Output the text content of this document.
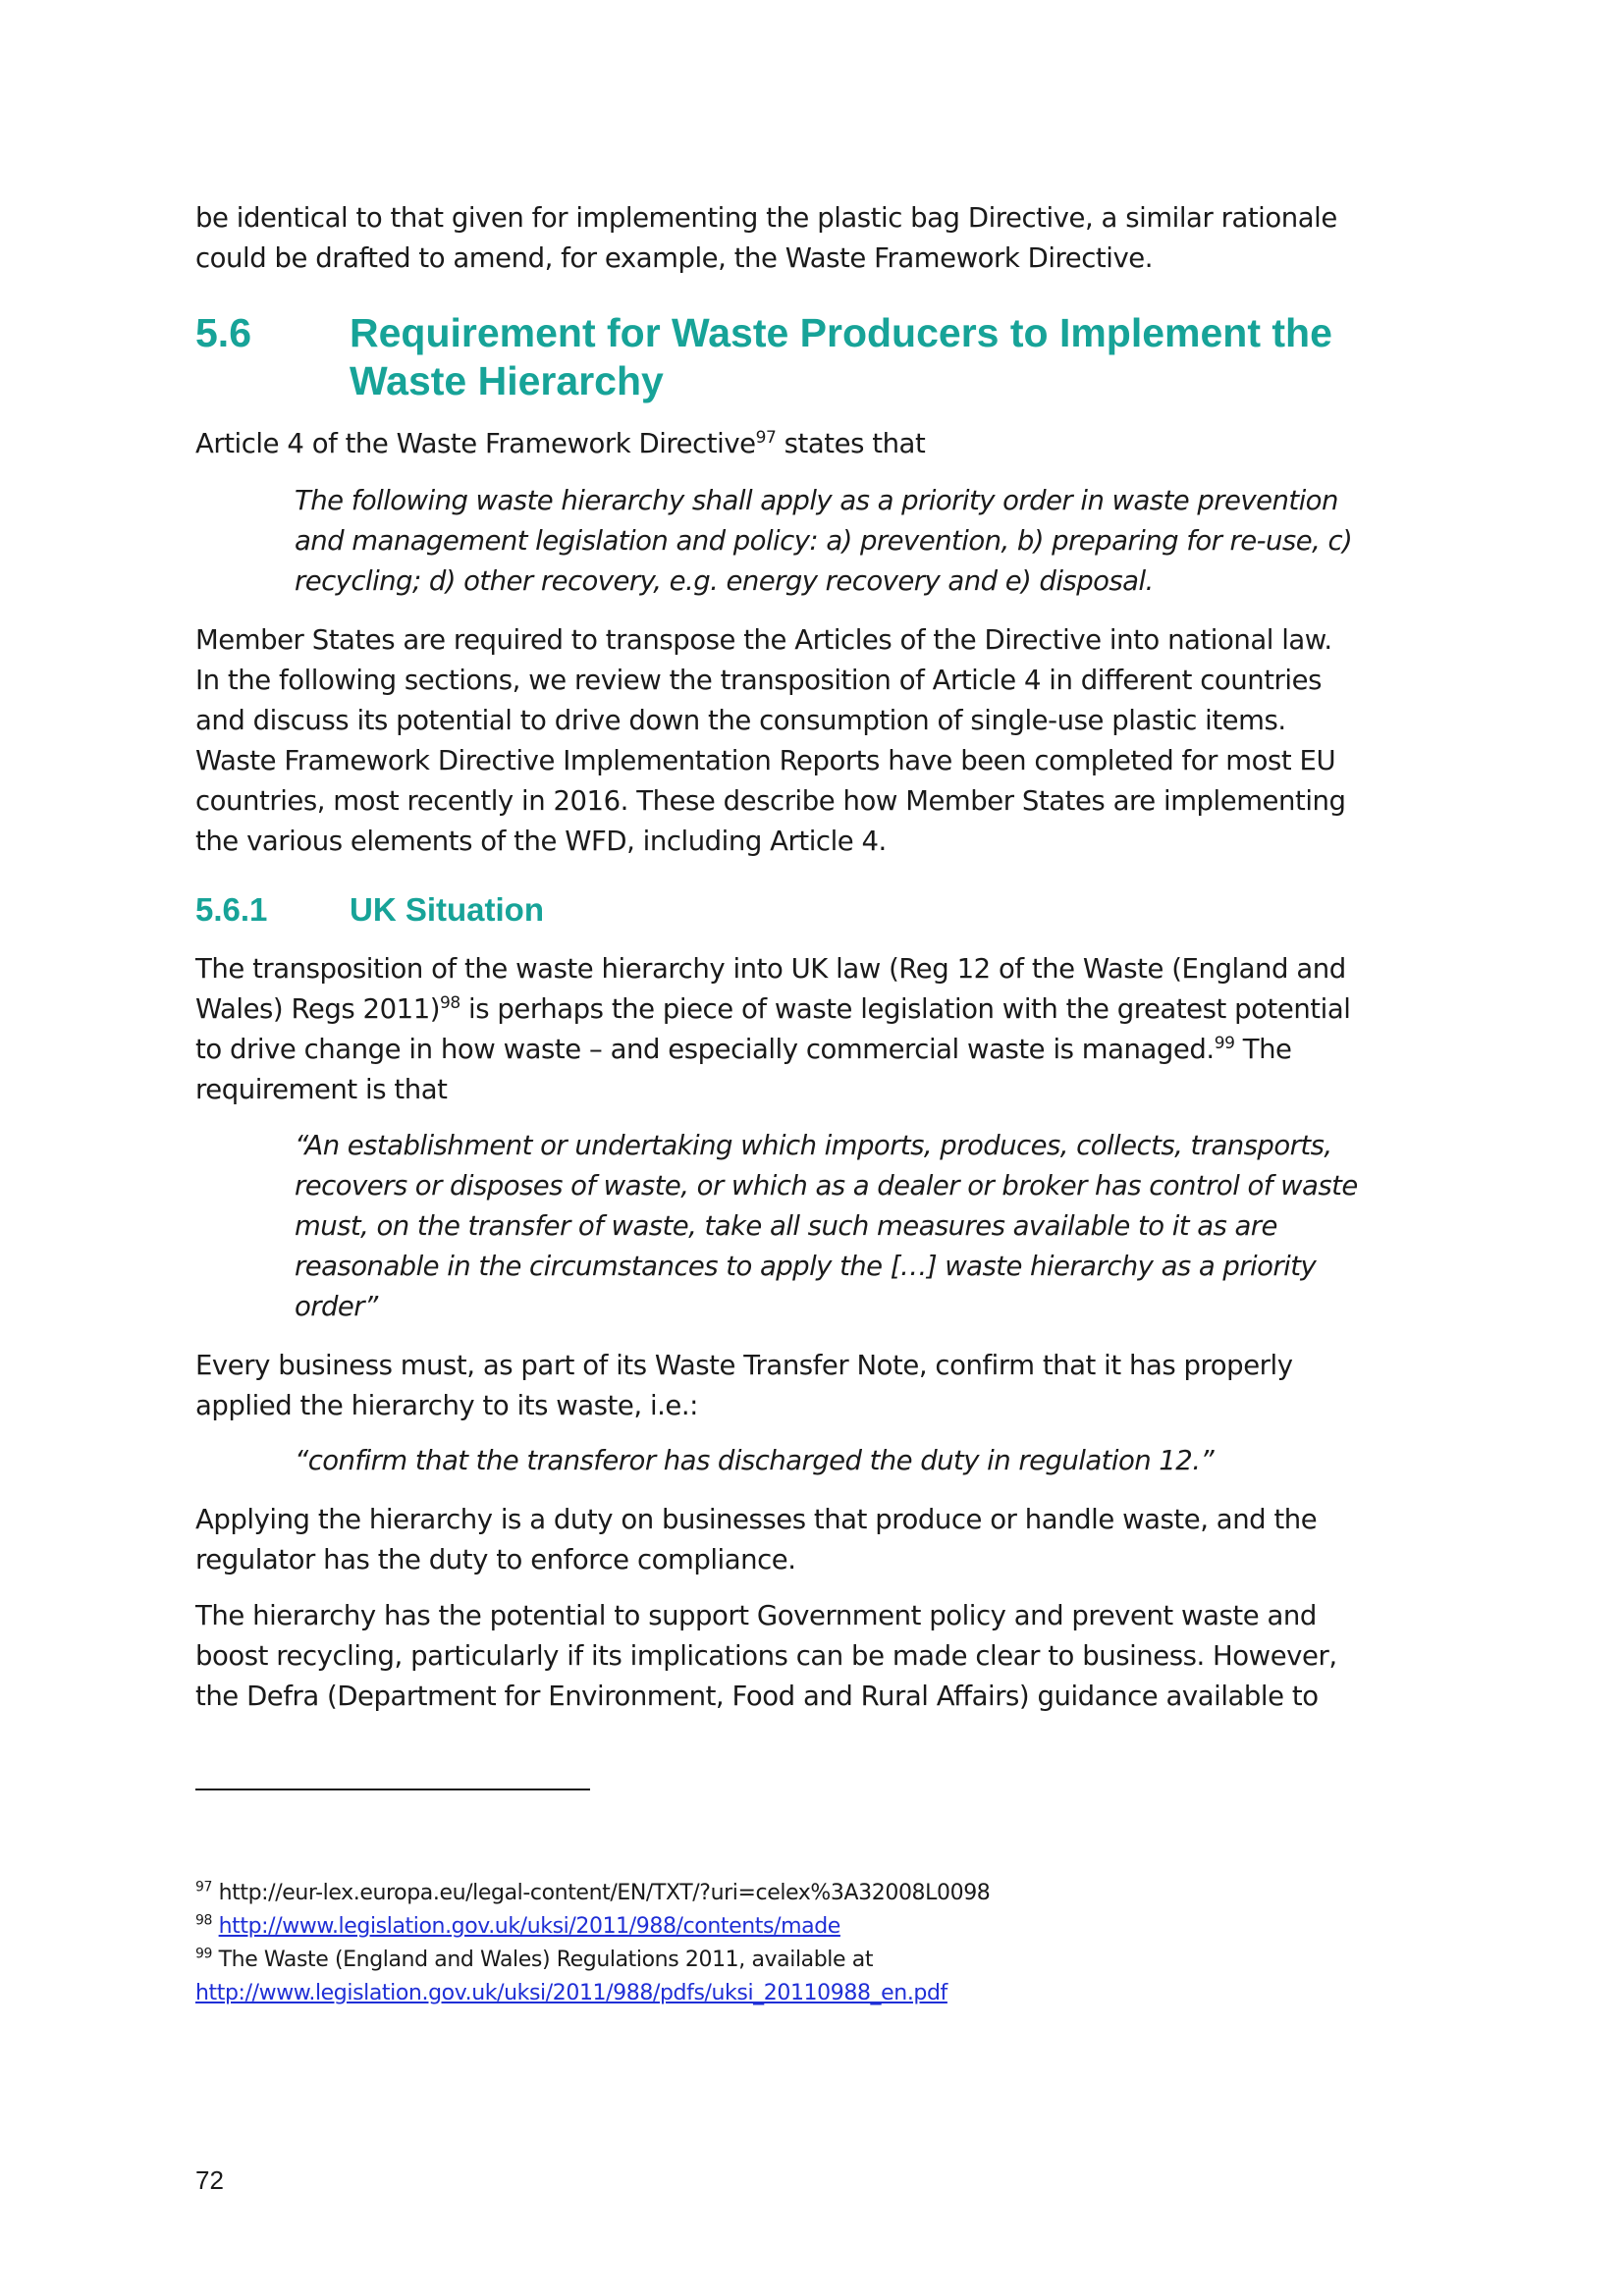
be identical to that given for implementing the plastic bag Directive, a similar rationale
could be drafted to amend, for example, the Waste Framework Directive.

5.6 Requirement for Waste Producers to Implement the
Waste Hierarchy

Article 4 of the Waste Framework Directive$^{97}$ states that

The following waste hierarchy shall apply as a priority order in waste prevention
and management legislation and policy: a) prevention, b) preparing for re-use, c)
recycling; d) other recovery, e.g. energy recovery and e) disposal.

Member States are required to transpose the Articles of the Directive into national law.
In the following sections, we review the transposition of Article 4 in different countries
and discuss its potential to drive down the consumption of single-use plastic items.
Waste Framework Directive Implementation Reports have been completed for most EU
countries, most recently in 2016. These describe how Member States are implementing
the various elements of the WFD, including Article 4.

5.6.1	UK Situation

The transposition of the waste hierarchy into UK law (Reg 12 of the Waste (England and
Wales) Regs 2011)$^{98}$ is perhaps the piece of waste legislation with the greatest potential
to drive change in how waste – and especially commercial waste is managed.$^{99}$ The
requirement is that

“An establishment or undertaking which imports, produces, collects, transports,
recovers or disposes of waste, or which as a dealer or broker has control of waste
must, on the transfer of waste, take all such measures available to it as are
reasonable in the circumstances to apply the […] waste hierarchy as a priority
order”

Every business must, as part of its Waste Transfer Note, confirm that it has properly
applied the hierarchy to its waste, i.e.:

“confirm that the transferor has discharged the duty in regulation 12.”

Applying the hierarchy is a duty on businesses that produce or handle waste, and the
regulator has the duty to enforce compliance.

The hierarchy has the potential to support Government policy and prevent waste and
boost recycling, particularly if its implications can be made clear to business. However,
the Defra (Department for Environment, Food and Rural Affairs) guidance available to

$^{97}$ http://eur-lex.europa.eu/legal-content/EN/TXT/?uri=celex%3A32008L0098

$^{98}$ http://www.legislation.gov.uk/uksi/2011/988/contents/made

$^{99}$ The Waste (England and Wales) Regulations 2011, available at
http://www.legislation.gov.uk/uksi/2011/988/pdfs/uksi_20110988_en.pdf

72
